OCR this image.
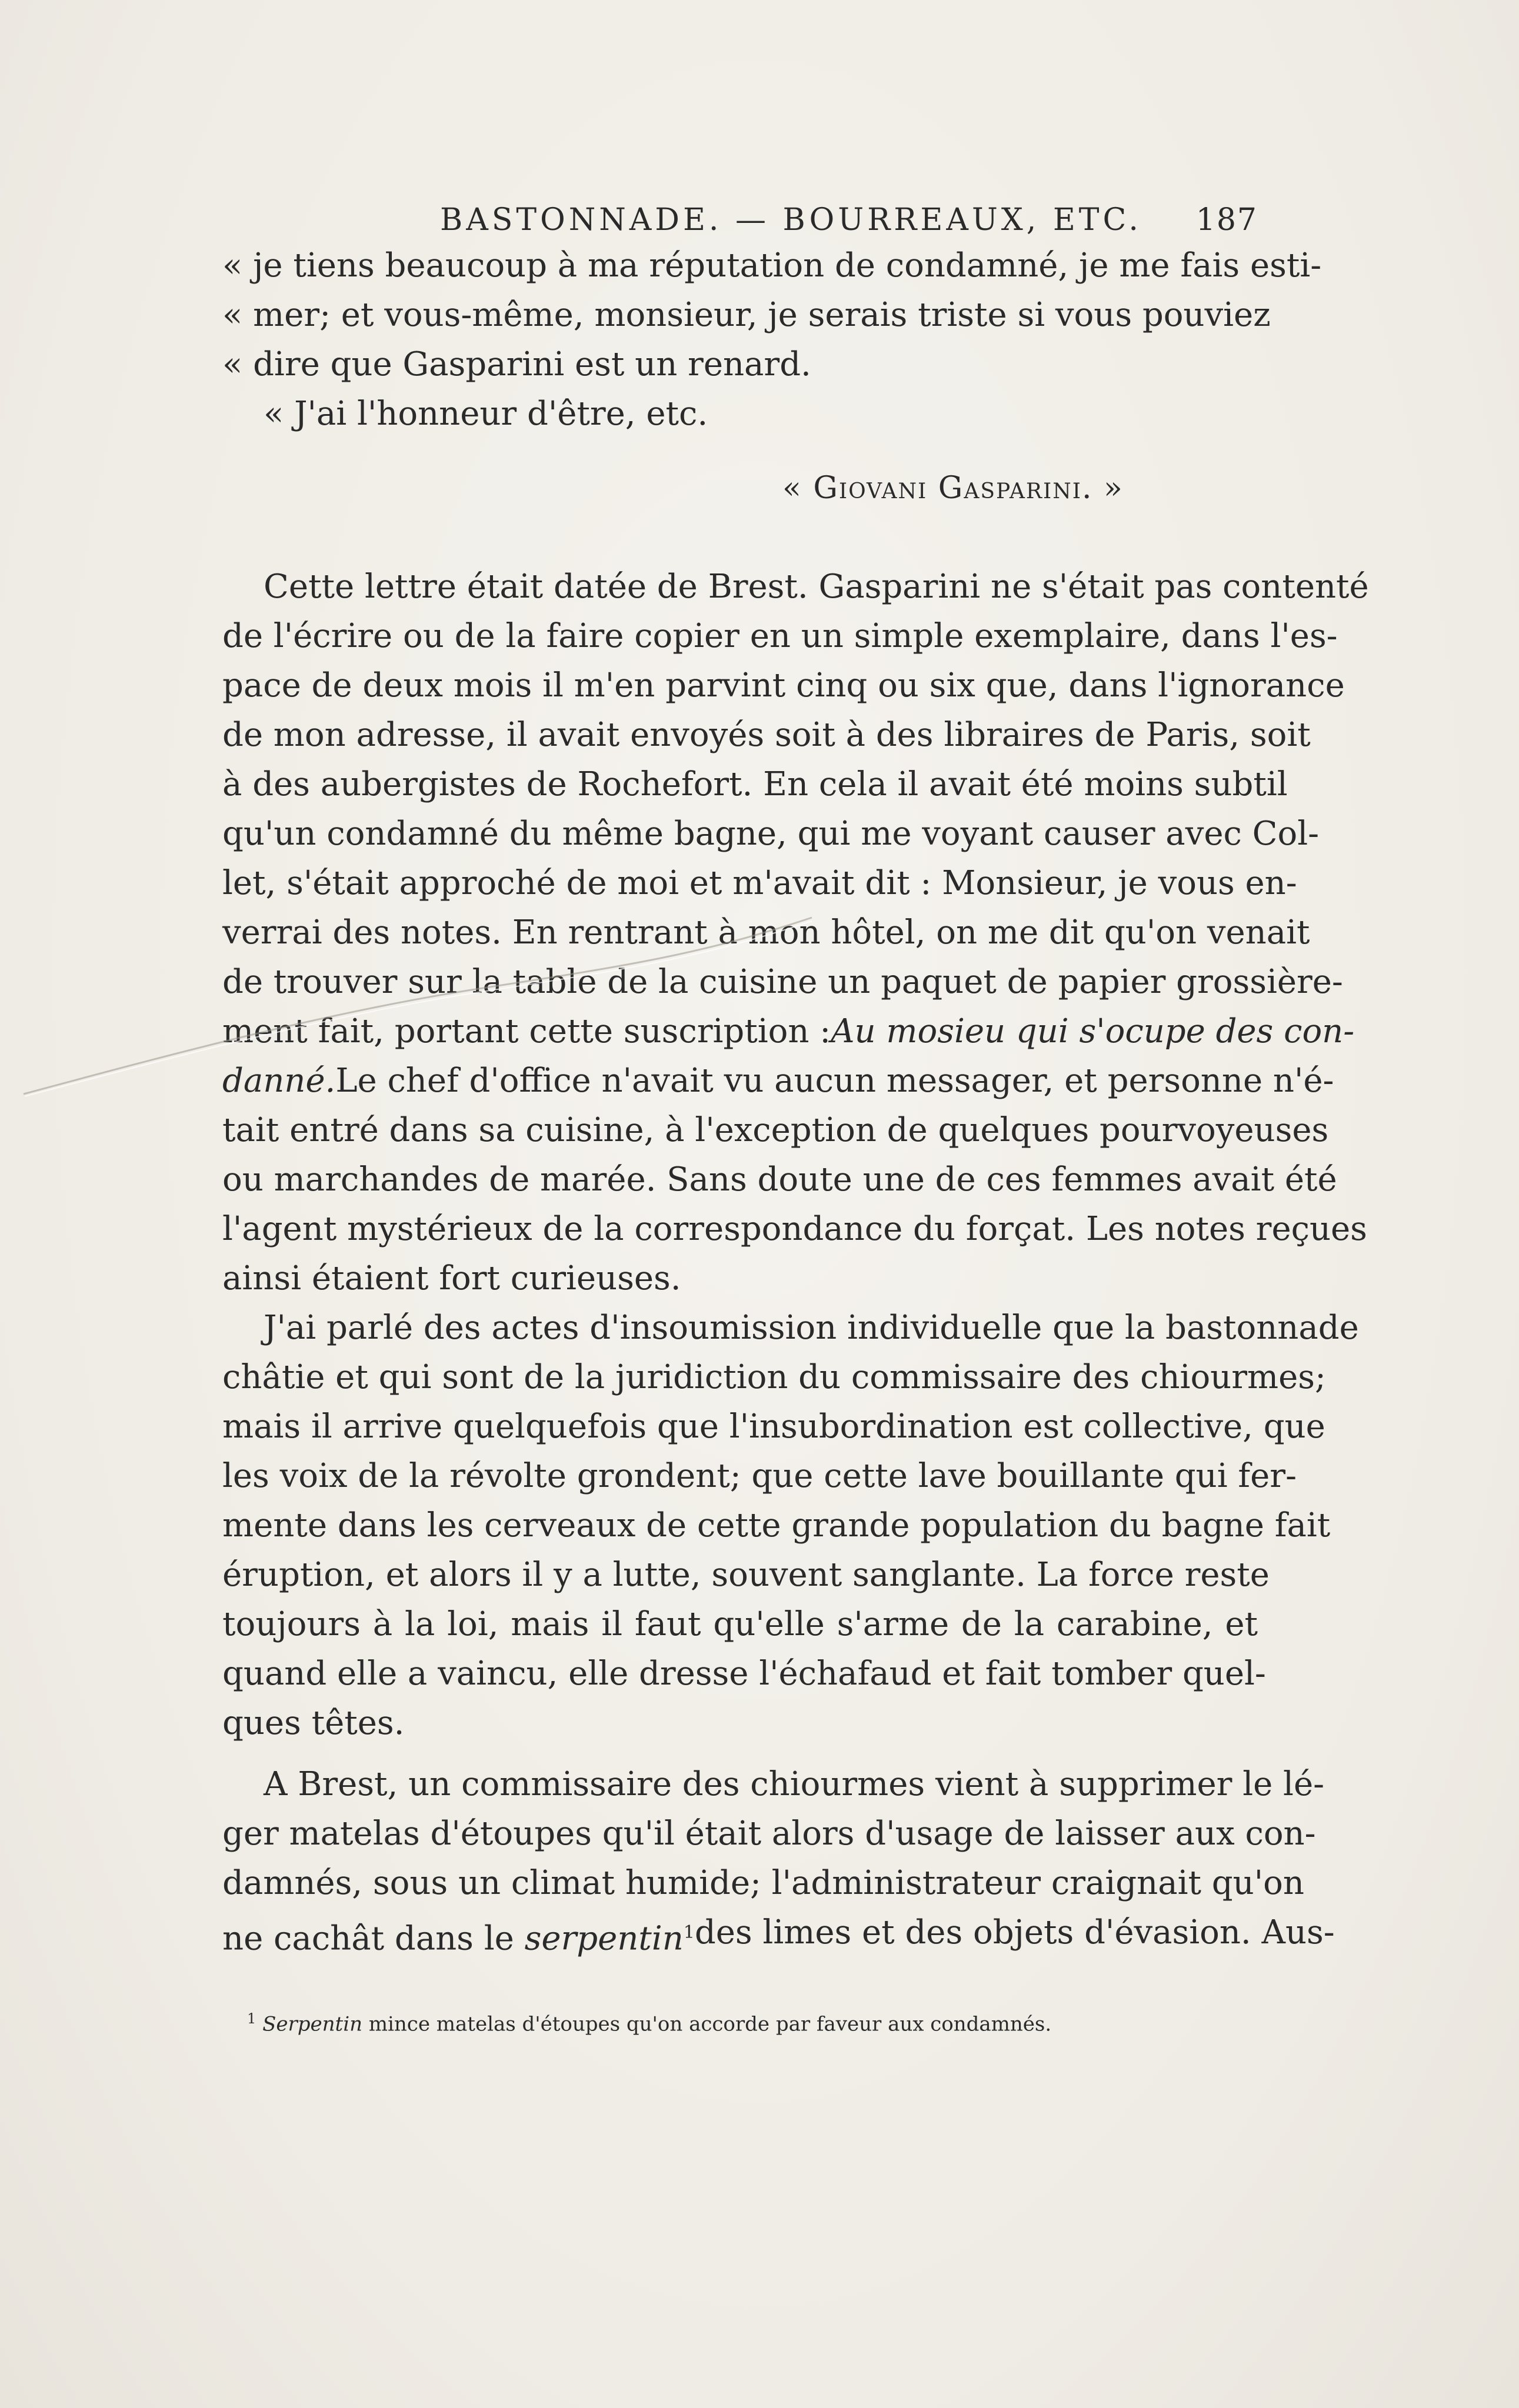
BASTONNADE. — BOURREAUX, ETC. 187
« je tiens beaucoup à ma réputation de condamné, je me fais esti-
« mer; et vous-même, monsieur, je serais triste si vous pouviez
« dire que Gasparini est un renard.
« J'ai l'honneur d'être, etc.
« Giovani Gasparini. »
Cette lettre était datée de Brest. Gasparini ne s'était pas contenté
de l'écrire ou de la faire copier en un simple exemplaire, dans l'es-
pace de deux mois il m'en parvint cinq ou six que, dans l'ignorance
de mon adresse, il avait envoyés soit à des libraires de Paris, soit
à des aubergistes de Rochefort. En cela il avait été moins subtil
qu'un condamné du même bagne, qui me voyant causer avec Col-
let, s'était approché de moi et m'avait dit : Monsieur, je vous en-
verrai des notes. En rentrant à mon hôtel, on me dit qu'on venait
de trouver sur la table de la cuisine un paquet de papier grossière-
ment fait, portant cette suscription : Au mosieu qui s'ocupe des con-
danné. Le chef d'office n'avait vu aucun messager, et personne n'é-
tait entré dans sa cuisine, à l'exception de quelques pourvoyeuses
ou marchandes de marée. Sans doute une de ces femmes avait été
l'agent mystérieux de la correspondance du forçat. Les notes reçues
ainsi étaient fort curieuses.
J'ai parlé des actes d'insoumission individuelle que la bastonnade
châtie et qui sont de la juridiction du commissaire des chiourmes;
mais il arrive quelquefois que l'insubordination est collective, que
les voix de la révolte grondent; que cette lave bouillante qui fer-
mente dans les cerveaux de cette grande population du bagne fait
éruption, et alors il y a lutte, souvent sanglante. La force reste
toujours à la loi, mais il faut qu'elle s'arme de la carabine, et
quand elle a vaincu, elle dresse l'échafaud et fait tomber quel-
ques têtes.
A Brest, un commissaire des chiourmes vient à supprimer le lé-
ger matelas d'étoupes qu'il était alors d'usage de laisser aux con-
damnés, sous un climat humide; l'administrateur craignait qu'on
ne cachât dans le serpentin$^1$ des limes et des objets d'évasion. Aus-
$^1$ Serpentin mince matelas d'étoupes qu'on accorde par faveur aux condamnés.
